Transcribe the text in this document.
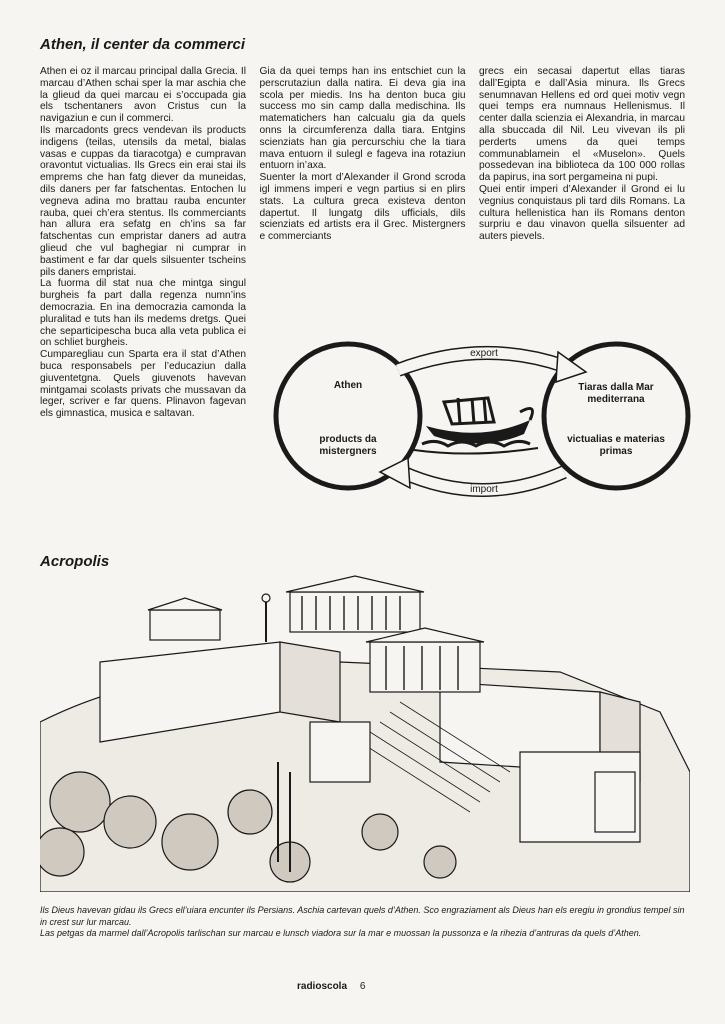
Athen, il center da commerci

Athen ei oz il marcau principal dalla Grecia. Il marcau d’Athen schai sper la mar aschia che la glieud da quei marcau ei s’occupada gia els tschentaners avon Cristus cun la navigaziun e cun il commerci.

Ils marcadonts grecs vendevan ils products indigens (teilas, utensils da metal, bialas vasas e cuppas da tiaracotga) e cumpravan oravontut victualias. Ils Grecs ein erai stai ils emprems che han fatg diever da muneidas, dils daners per far fatschentas. Entochen lu vegneva adina mo brattau rauba encunter rauba, quei ch’era stentus. Ils commerciants han allura era sefatg en ch’ins sa far fatschentas cun empristar daners ad autra glieud che vul baghegiar ni cumprar in bastiment e far dar quels silsuenter tscheins pils daners empristai.

La fuorma dil stat nua che mintga singul burgheis fa part dalla regenza numn’ins democrazia. En ina democrazia camonda la pluralitad e tuts han ils medems dretgs. Quei che separticipescha buca alla veta publica ei on schliet burgheis.

Cumparegliau cun Sparta era il stat d’Athen buca responsabels per l’educaziun dalla giuventetgna. Quels giuvenots havevan mintgamai scolasts privats che mussavan da leger, scriver e far quens. Plinavon fagevan els gimnastica, musica e saltavan.

Gia da quei temps han ins entschiet cun la perscrutaziun dalla natira. Ei deva gia ina scola per miedis. Ins ha denton buca giu success mo sin camp dalla medischina. Ils matematichers han calcualu gia da quels onns la circumferenza dalla tiara. Entgins scienziats han gia percurschiu che la tiara mava entuorn il sulegl e fageva ina rotaziun entuorn in’axa.

Suenter la mort d’Alexander il Grond scroda igl immens imperi e vegn partius si en plirs stats. La cultura greca existeva denton dapertut. Il lungatg dils ufficials, dils scienziats ed artists era il Grec. Mistergners e commerciants

grecs ein secasai dapertut ellas tiaras dall’Egipta e dall’Asia minura. Ils Grecs senumnavan Hellens ed ord quei motiv vegn quei temps era numnaus Hellenismus. Il center dalla scienzia ei Alexandria, in marcau alla sbuccada dil Nil. Leu vivevan ils pli perderts umens da quei temps communablamein el «Muselon». Quels possedevan ina biblioteca da 100 000 rollas da papirus, ina sort pergameina ni pupi.

Quei entir imperi d’Alexander il Grond ei lu vegnius conquistaus pli tard dils Romans. La cultura hellenistica han ils Romans denton surpriu e dau vinavon quella silsuenter ad auters pievels.

Athen
products da mistergners
Tiaras dalla Mar mediterrana
victualias e materias primas
export
import
Acropolis

Ils Dieus havevan gidau ils Grecs ell’uiara encunter ils Persians. Aschia cartevan quels d’Athen. Sco engraziament als Dieus han els eregiu in grondius tempel sin in crest sur lur marcau.
Las petgas da marmel dall’Acropolis tarlischan sur marcau e lunsch viadora sur la mar e muossan la pussonza e la rihezia d’antruras da quels d’Athen.

radioscola 6
